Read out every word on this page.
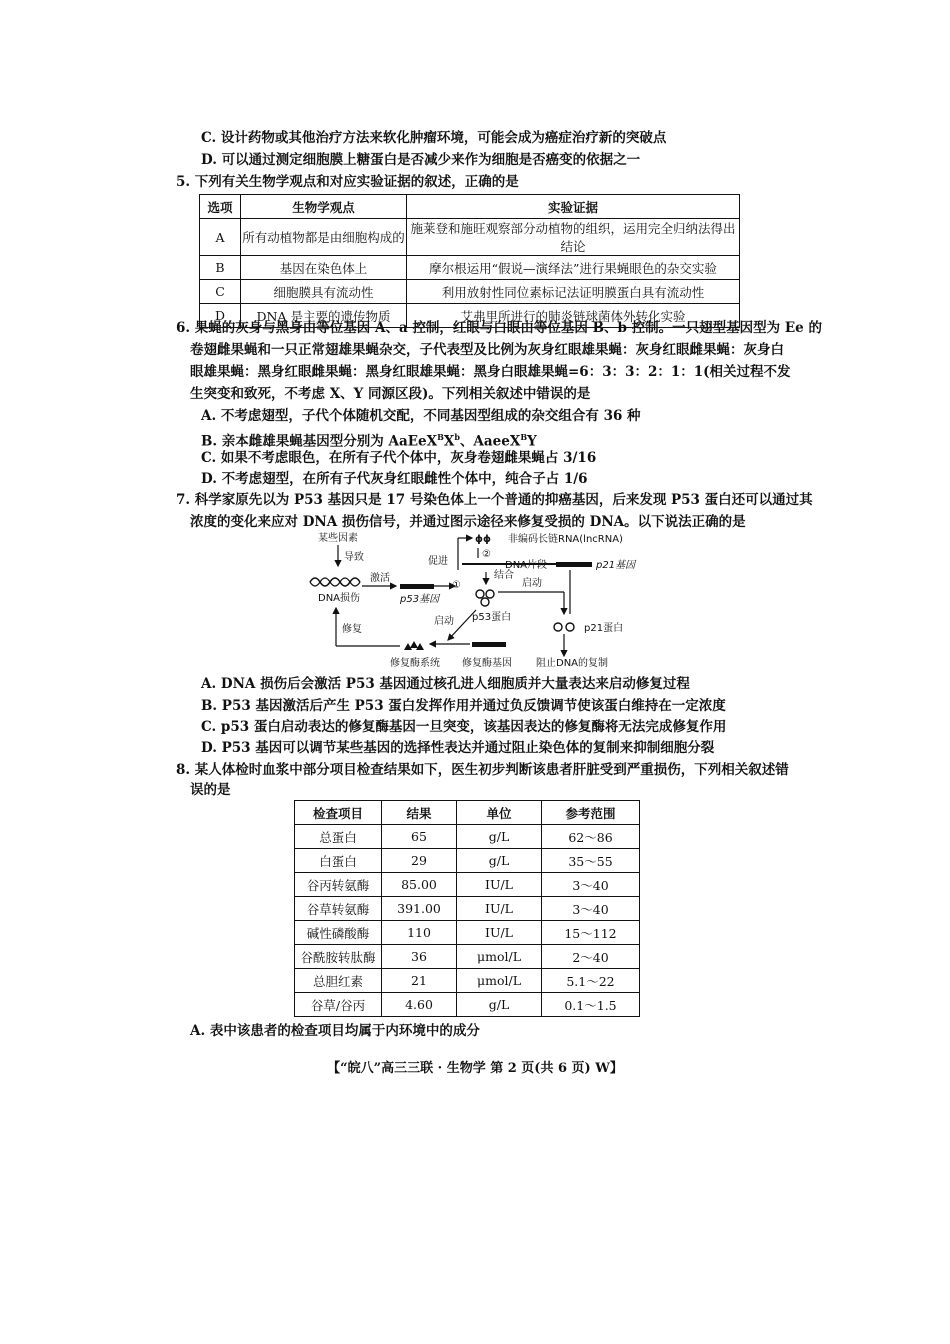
C. 设计药物或其他治疗方法来软化肿瘤环境，可能会成为癌症治疗新的突破点
D. 可以通过测定细胞膜上糖蛋白是否减少来作为细胞是否癌变的依据之一
5. 下列有关生物学观点和对应实验证据的叙述，正确的是
选项	生物学观点	实验证据
A	所有动植物都是由细胞构成的	施莱登和施旺观察部分动植物的组织，运用完全归纳法得出结论
B	基因在染色体上	摩尔根运用“假说—演绎法”进行果蝇眼色的杂交实验
C	细胞膜具有流动性	利用放射性同位素标记法证明膜蛋白具有流动性
D	DNA 是主要的遗传物质	艾弗里所进行的肺炎链球菌体外转化实验
6. 果蝇的灰身与黑身由等位基因 A、a 控制，红眼与白眼由等位基因 B、b 控制。一只翅型基因型为 Ee 的
卷翅雌果蝇和一只正常翅雄果蝇杂交，子代表型及比例为灰身红眼雄果蝇：灰身红眼雌果蝇：灰身白
眼雄果蝇：黑身红眼雌果蝇：黑身红眼雄果蝇：黑身白眼雄果蝇=6：3：3：2：1：1(相关过程不发
生突变和致死，不考虑 X、Y 同源区段)。下列相关叙述中错误的是
A. 不考虑翅型，子代个体随机交配，不同基因型组成的杂交组合有 36 种
B. 亲本雌雄果蝇基因型分别为 $AaEeX^BX^b$、AaeeX$^B$Y
C. 如果不考虑眼色，在所有子代个体中，灰身卷翅雌果蝇占 3/16
D. 不考虑翅型，在所有子代灰身红眼雌性个体中，纯合子占 1/6
7. 科学家原先以为 P53 基因只是 17 号染色体上一个普通的抑癌基因，后来发现 P53 蛋白还可以通过其
浓度的变化来应对 DNA 损伤信号，并通过图示途径来修复受损的 DNA。以下说法正确的是
某些因素
导致
DNA损伤
激活
p53基因
促进
ɸɸ 非编码长链RNA(lncRNA)
②
DNA片段
①
p21基因
结合
p53蛋白
启动
启动
修复酶系统 修复酶基因
修复	p21蛋白
阻止DNA的复制
A. DNA 损伤后会激活 P53 基因通过核孔进人细胞质并大量表达来启动修复过程
B. P53 基因激活后产生 P53 蛋白发挥作用并通过负反馈调节使该蛋白维持在一定浓度
C. p53 蛋白启动表达的修复酶基因一旦突变，该基因表达的修复酶将无法完成修复作用
D. P53 基因可以调节某些基因的选择性表达并通过阻止染色体的复制来抑制细胞分裂
8. 某人体检时血浆中部分项目检查结果如下，医生初步判断该患者肝脏受到严重损伤，下列相关叙述错
误的是
检查项目	结果	单位	参考范围
总蛋白	65	g/L	62～86
白蛋白	29	g/L	35～55
谷丙转氨酶	85.00	IU/L	3～40
谷草转氨酶	391.00	IU/L	3～40
碱性磷酸酶	110	IU/L	15～112
谷酰胺转肽酶	36	μmol/L	2～40
总胆红素	21	μmol/L	5.1～22
谷草/谷丙	4.60	g/L	0.1～1.5
A. 表中该患者的检查项目均属于内环境中的成分
【“皖八”高三三联 · 生物学 第 2 页(共 6 页) W】
